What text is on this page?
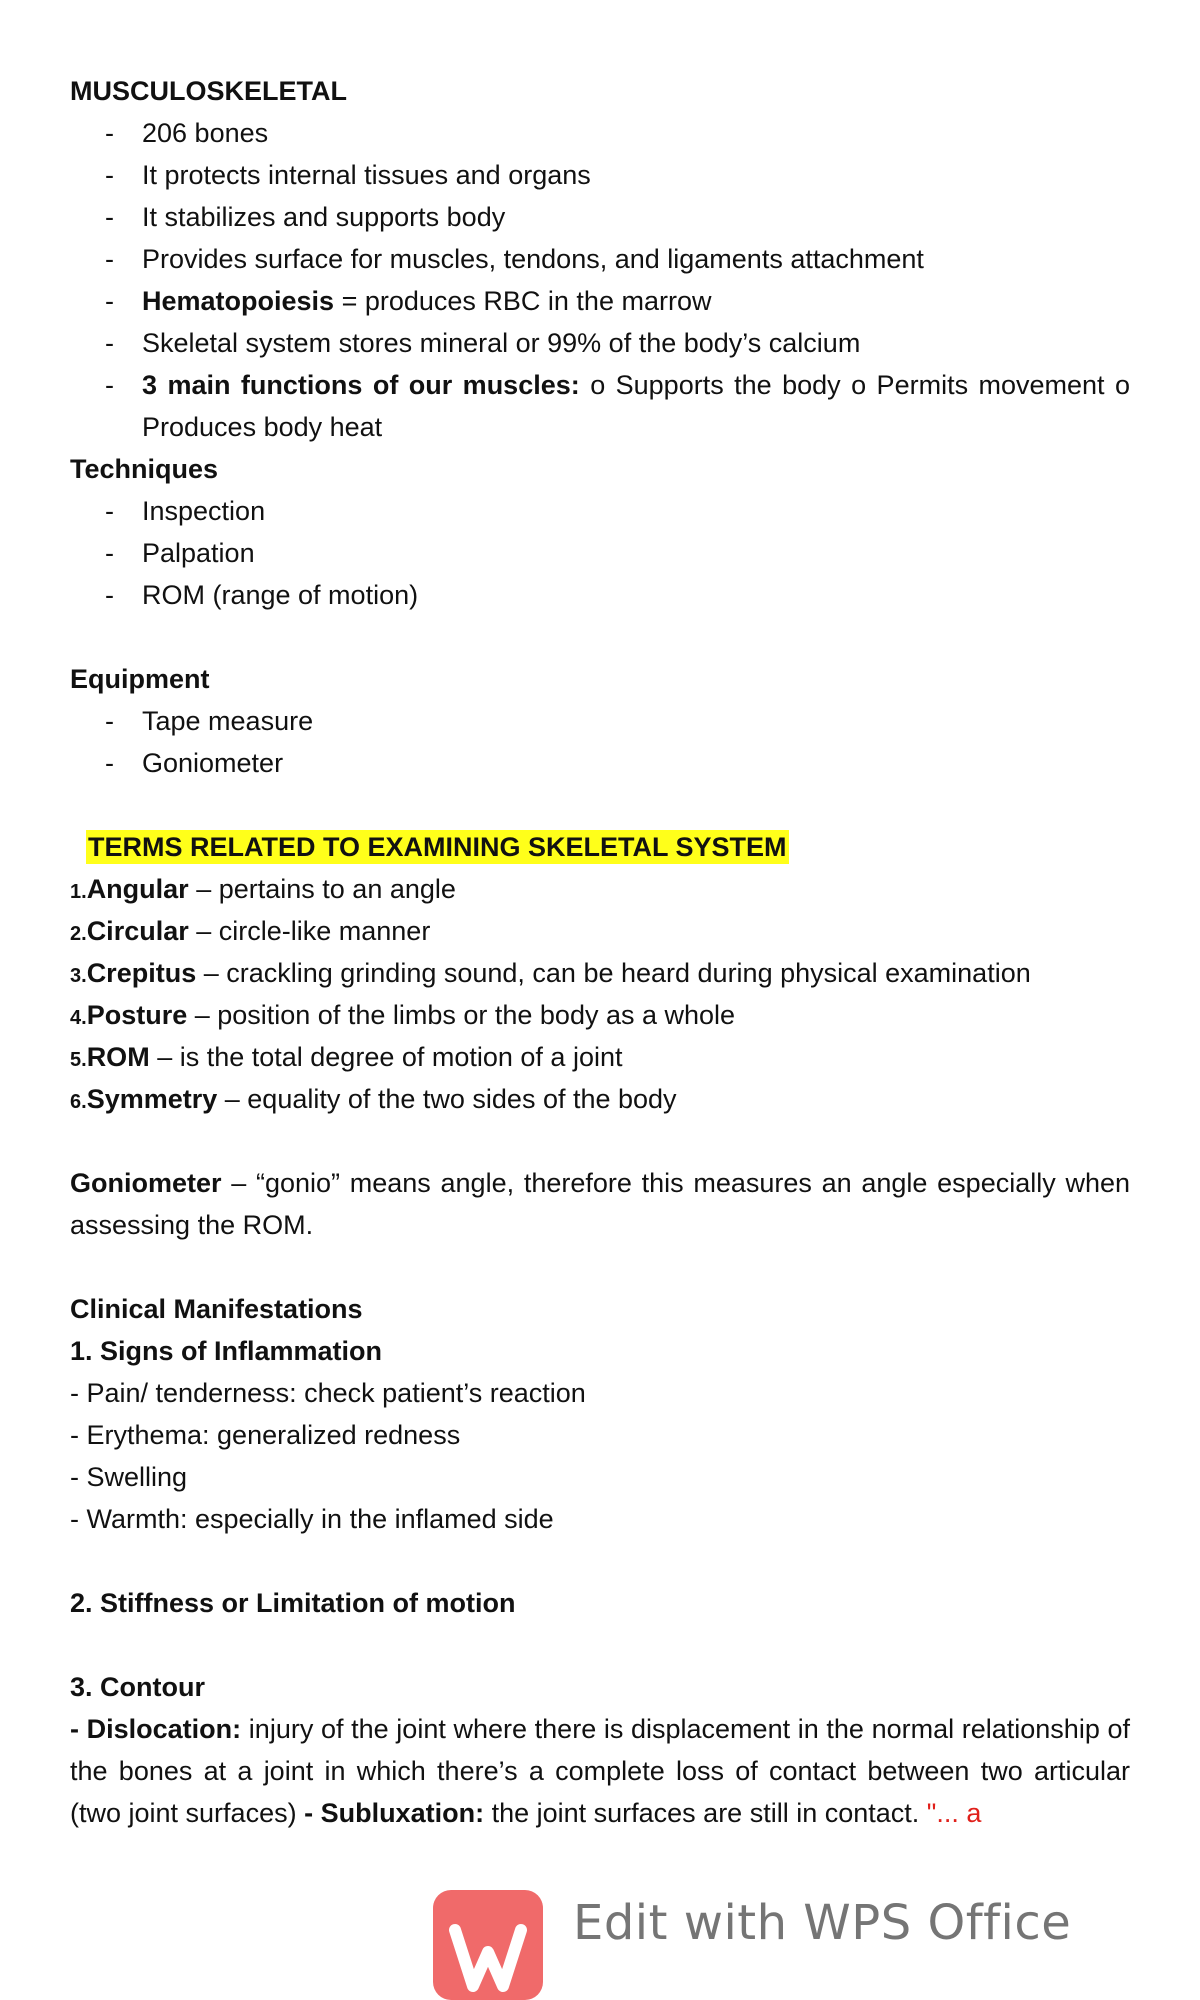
MUSCULOSKELETAL
- 206 bones
- It protects internal tissues and organs
- It stabilizes and supports body
- Provides surface for muscles, tendons, and ligaments attachment
- Hematopoiesis = produces RBC in the marrow
- Skeletal system stores mineral or 99% of the body’s calcium
- 3 main functions of our muscles: o Supports the body o Permits movement o Produces body heat
Techniques
- Inspection
- Palpation
- ROM (range of motion)
Equipment
- Tape measure
- Goniometer
TERMS RELATED TO EXAMINING SKELETAL SYSTEM
1.Angular – pertains to an angle
2.Circular – circle-like manner
3.Crepitus – crackling grinding sound, can be heard during physical examination
4.Posture – position of the limbs or the body as a whole
5.ROM – is the total degree of motion of a joint
6.Symmetry – equality of the two sides of the body
Goniometer – “gonio” means angle, therefore this measures an angle especially when assessing the ROM.
Clinical Manifestations
1. Signs of Inflammation
- Pain/ tenderness: check patient’s reaction
- Erythema: generalized redness
- Swelling
- Warmth: especially in the inflamed side
2. Stiffness or Limitation of motion
3. Contour
- Dislocation: injury of the joint where there is displacement in the normal relationship of the bones at a joint in which there’s a complete loss of contact between two articular (two joint surfaces) - Subluxation: the joint surfaces are still in contact. "... a
Edit with WPS Office
